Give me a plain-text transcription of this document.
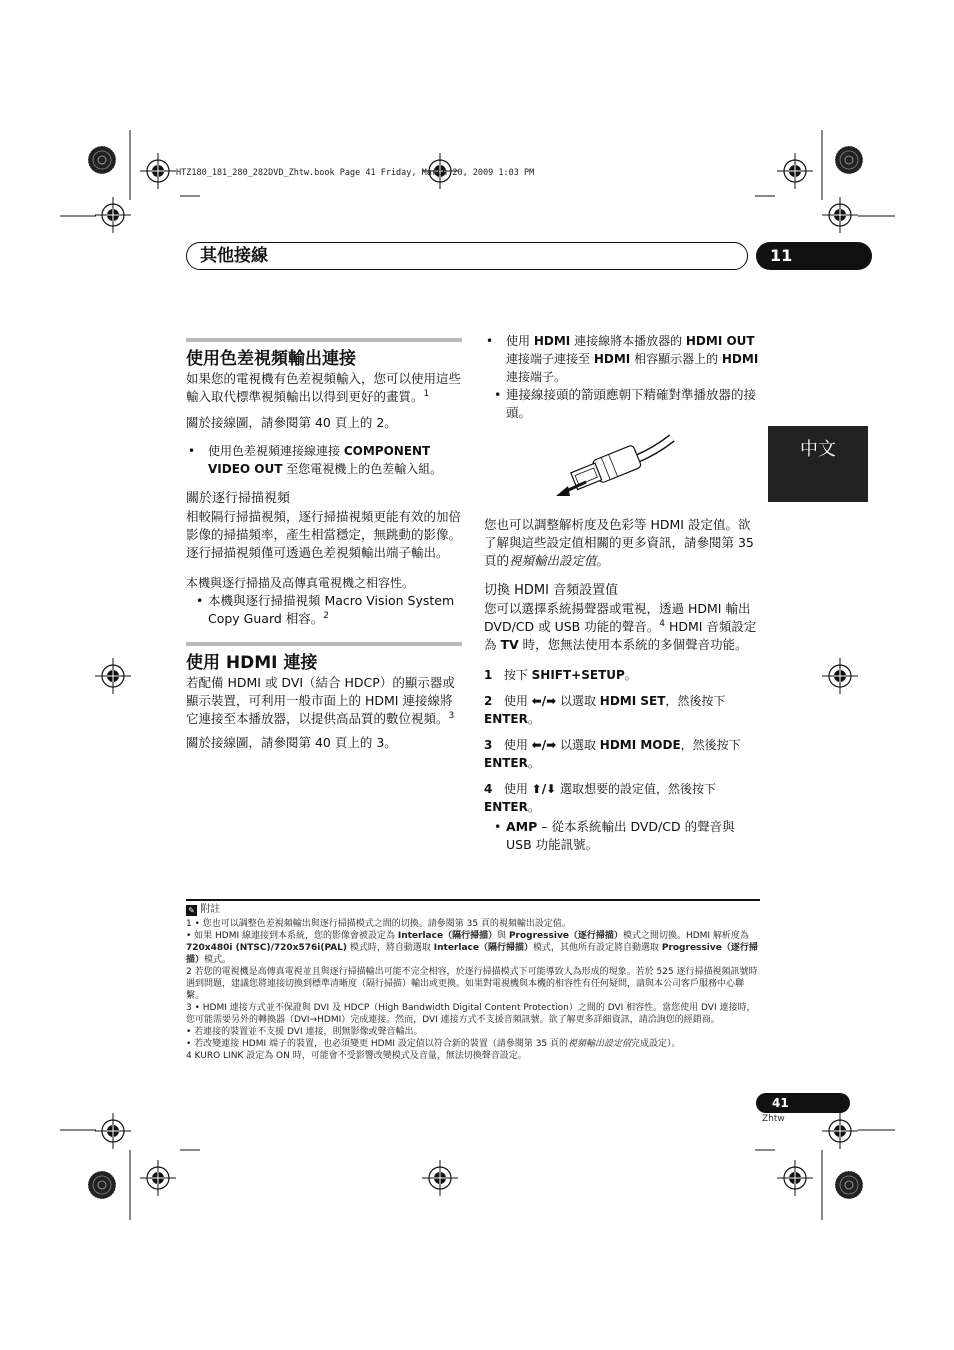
HTZ180_181_280_282DVD_Zhtw.book Page 41 Friday, March 20, 2009 1:03 PM
其他接線	11
中文

使用色差視頻輸出連接

如果您的電視機有色差視頻輸入，您可以使用這些輸入取代標準視頻輸出以得到更好的畫質。$^1$

關於接線圖，請參閱第 40 頁上的 2。

• 使用色差視頻連接線連接 COMPONENT VIDEO OUT 至您電視機上的色差輸入組。

關於逐行掃描視頻

相較隔行掃描視頻，逐行掃描視頻更能有效的加倍影像的掃描頻率，產生相當穩定，無跳動的影像。逐行掃描視頻僅可透過色差視頻輸出端子輸出。

本機與逐行掃描及高傳真電視機之相容性。

• 本機與逐行掃描視頻 Macro Vision System Copy Guard 相容。$^2$

使用 HDMI 連接

若配備 HDMI 或 DVI（結合 HDCP）的顯示器或顯示裝置，可利用一般市面上的 HDMI 連接線將它連接至本播放器，以提供高品質的數位視頻。$^3$

關於接線圖，請參閱第 40 頁上的 3。

• 使用 HDMI 連接線將本播放器的 HDMI OUT 連接端子連接至 HDMI 相容顯示器上的 HDMI 連接端子。
• 連接線接頭的箭頭應朝下精確對準播放器的接頭。

您也可以調整解析度及色彩等 HDMI 設定值。欲了解與這些設定值相關的更多資訊，請參閱第 35 頁的視頻輸出設定值。

切換 HDMI 音頻設置值

您可以選擇系統揚聲器或電視，透過 HDMI 輸出 DVD/CD 或 USB 功能的聲音。$^4$ HDMI 音頻設定為 TV 時，您無法使用本系統的多個聲音功能。

1 按下 SHIFT+SETUP。

2 使用 ⬅/➡ 以選取 HDMI SET，然後按下 ENTER。

3 使用 ⬅/➡ 以選取 HDMI MODE，然後按下 ENTER。

4 使用 ⬆/⬇ 選取想要的設定值，然後按下 ENTER。

• AMP – 從本系統輸出 DVD/CD 的聲音與 USB 功能訊號。

✎ 附註

1 • 您也可以調整色差視頻輸出與逐行掃描模式之間的切換。請參閱第 35 頁的視頻輸出設定值。

• 如果 HDMI 線連接到本系統，您的影像會被設定為 Interlace（隔行掃描）與 Progressive（逐行掃描）模式之間切換。HDMI 解析度為 720x480i (NTSC)/720x576i(PAL) 模式時，將自動選取 Interlace（隔行掃描）模式，其他所有設定將自動選取 Progressive（逐行掃描）模式。

2 若您的電視機是高傳真電視並且與逐行掃描輸出可能不完全相容，於逐行掃描模式下可能導致人為形成的現象。若於 525 逐行掃描視頻訊號時遇到問題，建議您將連接切換到標準清晰度（隔行掃描）輸出或更換。如果對電視機與本機的相容性有任何疑問，請與本公司客戶服務中心聯繫。

3 • HDMI 連接方式並不保證與 DVI 及 HDCP（High Bandwidth Digital Content Protection）之間的 DVI 相容性。當您使用 DVI 連接時，您可能需要另外的轉換器（DVI→HDMI）完成連接。然而，DVI 連接方式不支援音頻訊號。欲了解更多詳細資訊，請洽詢您的經銷商。

• 若連接的裝置並不支援 DVI 連接，則無影像或聲音輸出。

• 若改變連接 HDMI 端子的裝置，也必須變更 HDMI 設定值以符合新的裝置（請參閱第 35 頁的視頻輸出設定值完成設定）。

4 KURO LINK 設定為 ON 時，可能會不受影響改變模式及音量，無法切換聲音設定。

41
Zhtw
